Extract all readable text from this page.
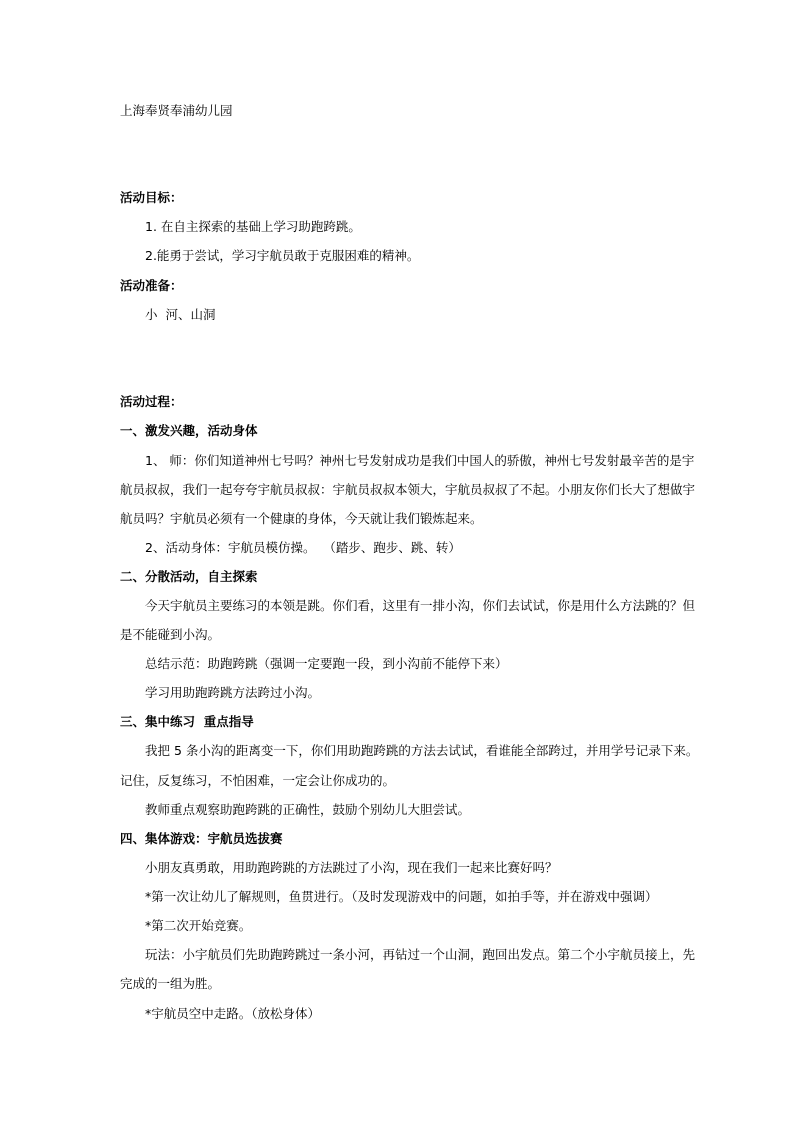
上海奉贤奉浦幼儿园
活动目标：
1. 在自主探索的基础上学习助跑跨跳。
2.能勇于尝试，学习宇航员敢于克服困难的精神。
活动准备：
小  河、山洞
活动过程：
一、激发兴趣，活动身体
1、 师：你们知道神州七号吗？神州七号发射成功是我们中国人的骄傲，神州七号发射最辛苦的是宇
航员叔叔，我们一起夸夸宇航员叔叔：宇航员叔叔本领大，宇航员叔叔了不起。小朋友你们长大了想做宇
航员吗？宇航员必须有一个健康的身体，今天就让我们锻炼起来。
2、活动身体：宇航员模仿操。  （踏步、跑步、跳、转）
二、分散活动，自主探索
今天宇航员主要练习的本领是跳。你们看，这里有一排小沟，你们去试试，你是用什么方法跳的？但
是不能碰到小沟。
总结示范：助跑跨跳（强调一定要跑一段，到小沟前不能停下来）
学习用助跑跨跳方法跨过小沟。
三、集中练习  重点指导
我把 5 条小沟的距离变一下，你们用助跑跨跳的方法去试试，看谁能全部跨过，并用学号记录下来。
记住，反复练习，不怕困难，一定会让你成功的。
教师重点观察助跑跨跳的正确性，鼓励个别幼儿大胆尝试。
四、集体游戏：宇航员选拔赛
小朋友真勇敢，用助跑跨跳的方法跳过了小沟，现在我们一起来比赛好吗？
*第一次让幼儿了解规则，鱼贯进行。（及时发现游戏中的问题，如拍手等，并在游戏中强调）
*第二次开始竞赛。
玩法：小宇航员们先助跑跨跳过一条小河，再钻过一个山洞，跑回出发点。第二个小宇航员接上，先
完成的一组为胜。
*宇航员空中走路。（放松身体）
